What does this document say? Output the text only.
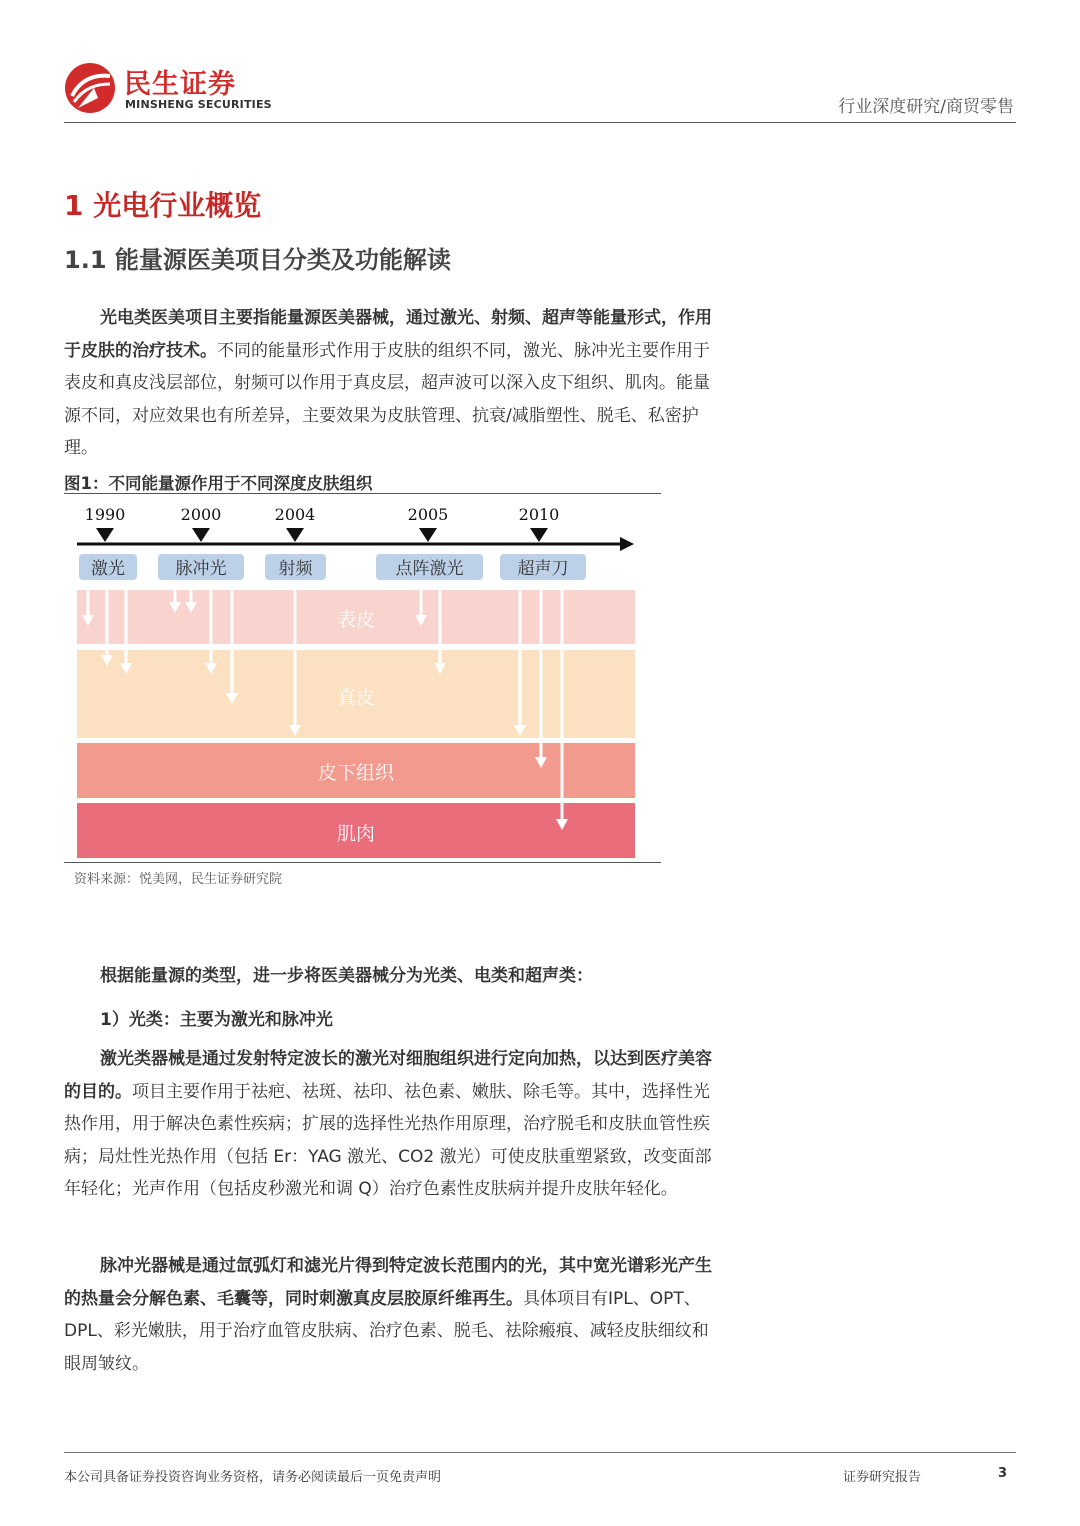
民生证券
MINSHENG SECURITIES	行业深度研究/商贸零售
1 光电行业概览
1.1 能量源医美项目分类及功能解读

光电类医美项目主要指能量源医美器械，通过激光、射频、超声等能量形式，作用于皮肤的治疗技术。不同的能量形式作用于皮肤的组织不同，激光、脉冲光主要作用于表皮和真皮浅层部位，射频可以作用于真皮层，超声波可以深入皮下组织、肌肉。能量源不同，对应效果也有所差异，主要效果为皮肤管理、抗衰/减脂塑性、脱毛、私密护理。

图1：不同能量源作用于不同深度皮肤组织
表皮
真皮
皮下组织
肌肉
1990	2000	2004	2005	2010
激光	脉冲光	射频	点阵激光	超声刀
资料来源：悦美网，民生证券研究院
根据能量源的类型，进一步将医美器械分为光类、电类和超声类：
1）光类：主要为激光和脉冲光

激光类器械是通过发射特定波长的激光对细胞组织进行定向加热，以达到医疗美容的目的。项目主要作用于祛疤、祛斑、祛印、祛色素、嫩肤、除毛等。其中，选择性光热作用，用于解决色素性疾病；扩展的选择性光热作用原理，治疗脱毛和皮肤血管性疾病；局灶性光热作用（包括 Er：YAG 激光、CO2 激光）可使皮肤重塑紧致，改变面部年轻化；光声作用（包括皮秒激光和调 Q）治疗色素性皮肤病并提升皮肤年轻化。

脉冲光器械是通过氙弧灯和滤光片得到特定波长范围内的光，其中宽光谱彩光产生的热量会分解色素、毛囊等，同时刺激真皮层胶原纤维再生。具体项目有IPL、OPT、DPL、彩光嫩肤，用于治疗血管皮肤病、治疗色素、脱毛、祛除瘢痕、减轻皮肤细纹和眼周皱纹。

本公司具备证券投资咨询业务资格，请务必阅读最后一页免责声明	证券研究报告	3
